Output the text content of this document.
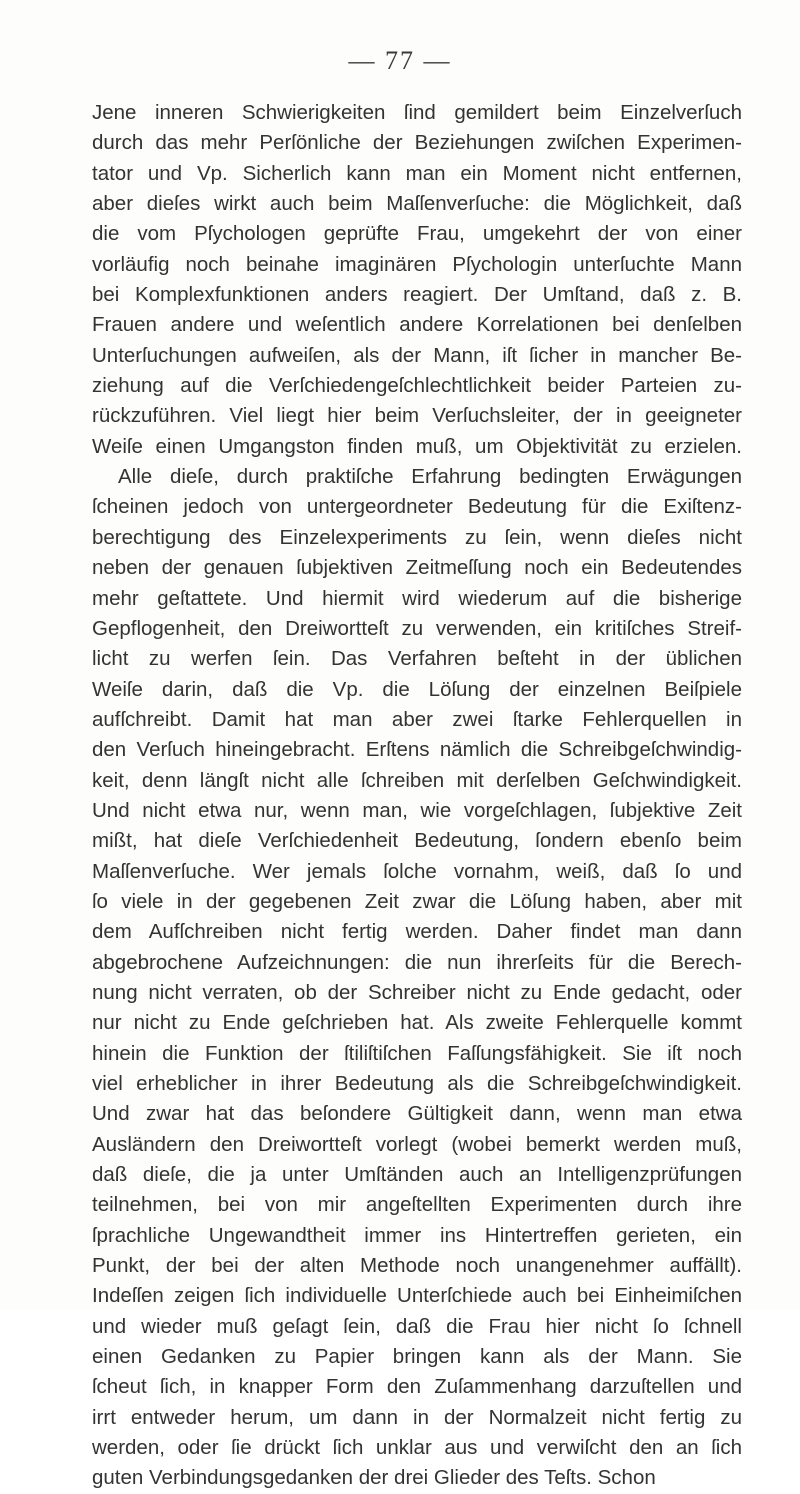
— 77 —
Jene inneren Schwierigkeiten ſind gemildert beim Einzelverſuch
durch das mehr Perſönliche der Beziehungen zwiſchen Experimen-
tator und Vp. Sicherlich kann man ein Moment nicht entfernen,
aber dieſes wirkt auch beim Maſſenverſuche: die Möglichkeit, daß
die vom Pſychologen geprüfte Frau, umgekehrt der von einer
vorläufig noch beinahe imaginären Pſychologin unterſuchte Mann
bei Komplexfunktionen anders reagiert. Der Umſtand, daß z. B.
Frauen andere und weſentlich andere Korrelationen bei denſelben
Unterſuchungen aufweiſen, als der Mann, iſt ſicher in mancher Be-
ziehung auf die Verſchiedengeſchlechtlichkeit beider Parteien zu-
rückzuführen. Viel liegt hier beim Verſuchsleiter, der in geeigneter
Weiſe einen Umgangston finden muß, um Objektivität zu erzielen.
Alle dieſe, durch praktiſche Erfahrung bedingten Erwägungen
ſcheinen jedoch von untergeordneter Bedeutung für die Exiſtenz-
berechtigung des Einzelexperiments zu ſein, wenn dieſes nicht
neben der genauen ſubjektiven Zeitmeſſung noch ein Bedeutendes
mehr geſtattete. Und hiermit wird wiederum auf die bisherige
Gepflogenheit, den Dreiworttеſt zu verwenden, ein kritiſches Streif-
licht zu werfen ſein. Das Verfahren beſteht in der üblichen
Weiſe darin, daß die Vp. die Löſung der einzelnen Beiſpiele
aufſchreibt. Damit hat man aber zwei ſtarke Fehlerquellen in
den Verſuch hineingebracht. Erſtens nämlich die Schreibgeſchwindig-
keit, denn längſt nicht alle ſchreiben mit derſelben Geſchwindigkeit.
Und nicht etwa nur, wenn man, wie vorgeſchlagen, ſubjektive Zeit
mißt, hat dieſe Verſchiedenheit Bedeutung, ſondern ebenſo beim
Maſſenverſuche. Wer jemals ſolche vornahm, weiß, daß ſo und
ſo viele in der gegebenen Zeit zwar die Löſung haben, aber mit
dem Aufſchreiben nicht fertig werden. Daher findet man dann
abgebrochene Aufzeichnungen: die nun ihrerſeits für die Berech-
nung nicht verraten, ob der Schreiber nicht zu Ende gedacht, oder
nur nicht zu Ende geſchrieben hat. Als zweite Fehlerquelle kommt
hinein die Funktion der ſtiliſtiſchen Faſſungsfähigkeit. Sie iſt noch
viel erheblicher in ihrer Bedeutung als die Schreibgeſchwindigkeit.
Und zwar hat das beſondere Gültigkeit dann, wenn man etwa
Ausländern den Dreiworttеſt vorlegt (wobei bemerkt werden muß,
daß dieſe, die ja unter Umſtänden auch an Intelligenzprüfungen
teilnehmen, bei von mir angeſtellten Experimenten durch ihre
ſprachliche Ungewandtheit immer ins Hintertreffen gerieten, ein
Punkt, der bei der alten Methode noch unangenehmer auffällt).
Indeſſen zeigen ſich individuelle Unterſchiede auch bei Einheimiſchen
und wieder muß geſagt ſein, daß die Frau hier nicht ſo ſchnell
einen Gedanken zu Papier bringen kann als der Mann. Sie
ſcheut ſich, in knapper Form den Zuſammenhang darzuſtellen und
irrt entweder herum, um dann in der Normalzeit nicht fertig zu
werden, oder ſie drückt ſich unklar aus und verwiſcht den an ſich
guten Verbindungsgedanken der drei Glieder des Teſts. Schon
